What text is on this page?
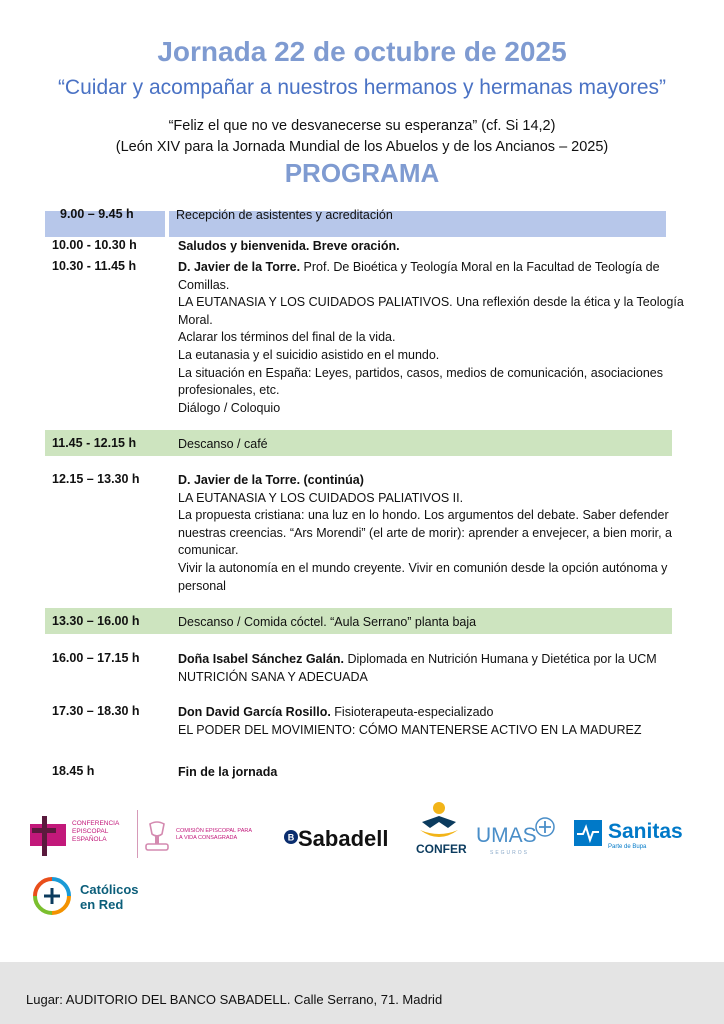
Jornada 22 de octubre de 2025
“Cuidar y acompañar a nuestros hermanos y hermanas mayores”
“Feliz el que no ve desvanecerse su esperanza” (cf. Si 14,2)
(León XIV para la Jornada Mundial de los Abuelos y de los Ancianos – 2025)
PROGRAMA
9.00 – 9.45 h	Recepción de asistentes y acreditación
10.00 - 10.30 h	Saludos y bienvenida. Breve oración.
10.30 - 11.45 h	D. Javier de la Torre. Prof. De Bioética y Teología Moral en la Facultad de Teología de Comillas.
LA EUTANASIA Y LOS CUIDADOS PALIATIVOS. Una reflexión desde la ética y la Teología Moral.
Aclarar los términos del final de la vida.
La eutanasia y el suicidio asistido en el mundo.
La situación en España: Leyes, partidos, casos, medios de comunicación, asociaciones profesionales, etc.
Diálogo / Coloquio
11.45 - 12.15 h	Descanso / café
12.15 – 13.30 h	D. Javier de la Torre. (continúa)
LA EUTANASIA Y LOS CUIDADOS PALIATIVOS II.
La propuesta cristiana: una luz en lo hondo. Los argumentos del debate. Saber defender nuestras creencias. “Ars Morendi” (el arte de morir): aprender a envejecer, a bien morir, a comunicar.
Vivir la autonomía en el mundo creyente. Vivir en comunión desde la opción autónoma y personal
13.30 – 16.00 h	Descanso / Comida cóctel. “Aula Serrano” planta baja
16.00 – 17.15 h	Doña Isabel Sánchez Galán. Diplomada en Nutrición Humana y Dietética por la UCM
NUTRICIÓN SANA Y ADECUADA
17.30 – 18.30 h	Don David García Rosillo. Fisioterapeuta-especializado
EL PODER DEL MOVIMIENTO: CÓMO MANTENERSE ACTIVO EN LA MADUREZ
18.45 h	Fin de la jornada
CONFERENCIA
EPISCOPAL
ESPAÑOLA
COMISIÓN EPISCOPAL PARA
LA VIDA CONSAGRADA	B Sabadell CONFER
UMAS
SEGUROS
Sanitas
Parte de Bupa
Católicos
en Red
Lugar: AUDITORIO DEL BANCO SABADELL. Calle Serrano, 71. Madrid
